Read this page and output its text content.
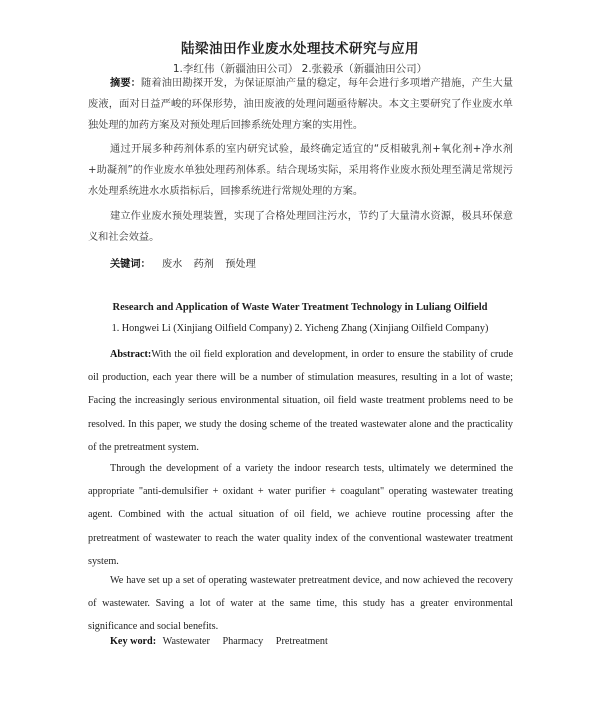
陆梁油田作业废水处理技术研究与应用
1.李红伟（新疆油田公司） 2.张毅承（新疆油田公司）

摘要：随着油田勘探开发，为保证原油产量的稳定，每年会进行多项增产措施，产生大量废液，面对日益严峻的环保形势，油田废液的处理问题亟待解决。本文主要研究了作业废水单独处理的加药方案及对预处理后回掺系统处理方案的实用性。

通过开展多种药剂体系的室内研究试验，最终确定适宜的“反相破乳剂+氧化剂+净水剂+助凝剂”的作业废水单独处理药剂体系。结合现场实际，采用将作业废水预处理至满足常规污水处理系统进水水质指标后，回掺系统进行常规处理的方案。

建立作业废水预处理装置，实现了合格处理回注污水，节约了大量清水资源，极具环保意义和社会效益。

关键词： 废水 药剂 预处理
Research and Application of Waste Water Treatment Technology in Luliang Oilfield
1. Hongwei Li (Xinjiang Oilfield Company) 2. Yicheng Zhang (Xinjiang Oilfield Company)

Abstract:With the oil field exploration and development, in order to ensure the stability of crude oil production, each year there will be a number of stimulation measures, resulting in a lot of waste; Facing the increasingly serious environmental situation, oil field waste treatment problems need to be resolved. In this paper, we study the dosing scheme of the treated wastewater alone and the practicality of the pretreatment system.

Through the development of a variety the indoor research tests, ultimately we determined the appropriate "anti-demulsifier + oxidant + water purifier + coagulant" operating wastewater treating agent. Combined with the actual situation of oil field, we achieve routine processing after the pretreatment of wastewater to reach the water quality index of the conventional wastewater treatment system.

We have set up a set of operating wastewater pretreatment device, and now achieved the recovery of wastewater. Saving a lot of water at the same time, this study has a greater environmental significance and social benefits.

Key word: Wastewater Pharmacy Pretreatment
